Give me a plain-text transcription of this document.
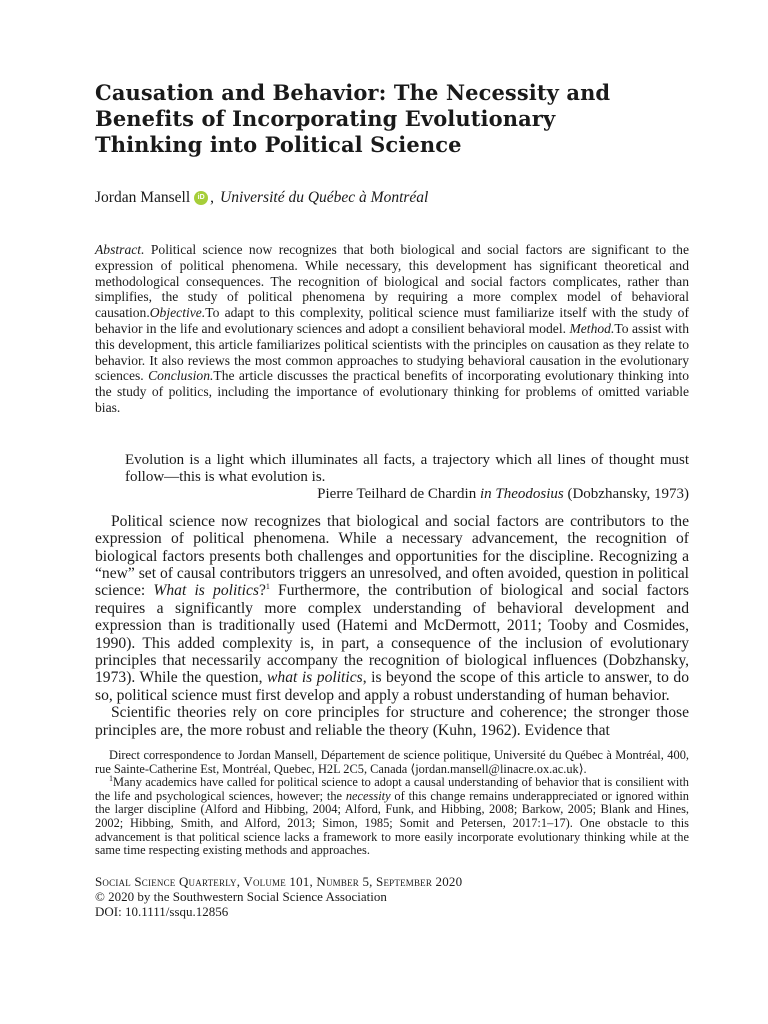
Causation and Behavior: The Necessity and
Benefits of Incorporating Evolutionary
Thinking into Political Science
Jordan Mansell	iD , Université du Québec à Montréal
Abstract. Political science now recognizes that both biological and social factors are significant to the expression of political phenomena. While necessary, this development has significant theoretical and methodological consequences. The recognition of biological and social factors complicates, rather than simplifies, the study of political phenomena by requiring a more complex model of behavioral causation.Objective.To adapt to this complexity, political science must familiarize itself with the study of behavior in the life and evolutionary sciences and adopt a consilient behavioral model. Method.To assist with this development, this article familiarizes political scientists with the principles on causation as they relate to behavior. It also reviews the most common approaches to studying behavioral causation in the evolutionary sciences. Conclusion.The article discusses the practical benefits of incorporating evolutionary thinking into the study of politics, including the importance of evolutionary thinking for problems of omitted variable bias.
Evolution is a light which illuminates all facts, a trajectory which all lines of thought must follow—this is what evolution is.
Pierre Teilhard de Chardin in Theodosius (Dobzhansky, 1973)

Political science now recognizes that biological and social factors are contributors to the expression of political phenomena. While a necessary advancement, the recognition of biological factors presents both challenges and opportunities for the discipline. Recognizing a “new” set of causal contributors triggers an unresolved, and often avoided, question in political science: What is politics?$^1$ Furthermore, the contribution of biological and social factors requires a significantly more complex understanding of behavioral development and expression than is traditionally used (Hatemi and McDermott, 2011; Tooby and Cosmides, 1990). This added complexity is, in part, a consequence of the inclusion of evolutionary principles that necessarily accompany the recognition of biological influences (Dobzhansky, 1973). While the question, what is politics, is beyond the scope of this article to answer, to do so, political science must first develop and apply a robust understanding of human behavior.

Scientific theories rely on core principles for structure and coherence; the stronger those principles are, the more robust and reliable the theory (Kuhn, 1962). Evidence that

Direct correspondence to Jordan Mansell, Département de science politique, Université du Québec à Montréal, 400, rue Sainte-Catherine Est, Montréal, Quebec, H2L 2C5, Canada ⟨jordan.mansell@linacre.ox.ac.uk⟩.

$^1$Many academics have called for political science to adopt a causal understanding of behavior that is consilient with the life and psychological sciences, however; the necessity of this change remains underappreciated or ignored within the larger discipline (Alford and Hibbing, 2004; Alford, Funk, and Hibbing, 2008; Barkow, 2005; Blank and Hines, 2002; Hibbing, Smith, and Alford, 2013; Simon, 1985; Somit and Petersen, 2017:1–17). One obstacle to this advancement is that political science lacks a framework to more easily incorporate evolutionary thinking while at the same time respecting existing methods and approaches.

Social Science Quarterly, Volume 101, Number 5, September 2020
© 2020 by the Southwestern Social Science Association
DOI: 10.1111/ssqu.12856
